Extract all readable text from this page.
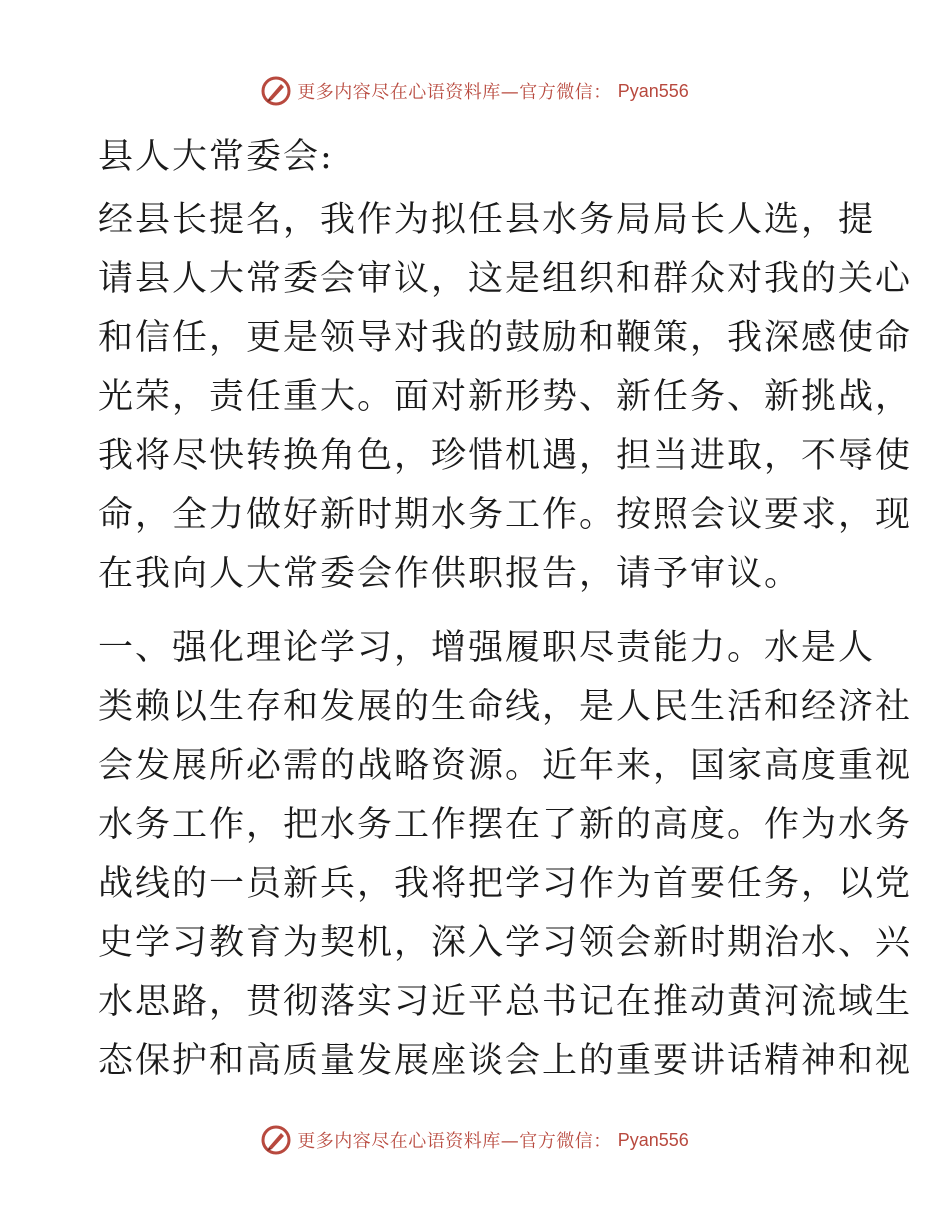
更多内容尽在心语资料库—官方微信： Pyan556
县人大常委会:
经县长提名，我作为拟任县水务局局长人选，提
请县人大常委会审议，这是组织和群众对我的关心
和信任，更是领导对我的鼓励和鞭策，我深感使命
光荣，责任重大。面对新形势、新任务、新挑战，
我将尽快转换角色，珍惜机遇，担当进取，不辱使
命，全力做好新时期水务工作。按照会议要求，现
在我向人大常委会作供职报告，请予审议。
一、强化理论学习，增强履职尽责能力。水是人
类赖以生存和发展的生命线，是人民生活和经济社
会发展所必需的战略资源。近年来，国家高度重视
水务工作，把水务工作摆在了新的高度。作为水务
战线的一员新兵，我将把学习作为首要任务，以党
史学习教育为契机，深入学习领会新时期治水、兴
水思路，贯彻落实习近平总书记在推动黄河流域生
态保护和高质量发展座谈会上的重要讲话精神和视
更多内容尽在心语资料库—官方微信： Pyan556
